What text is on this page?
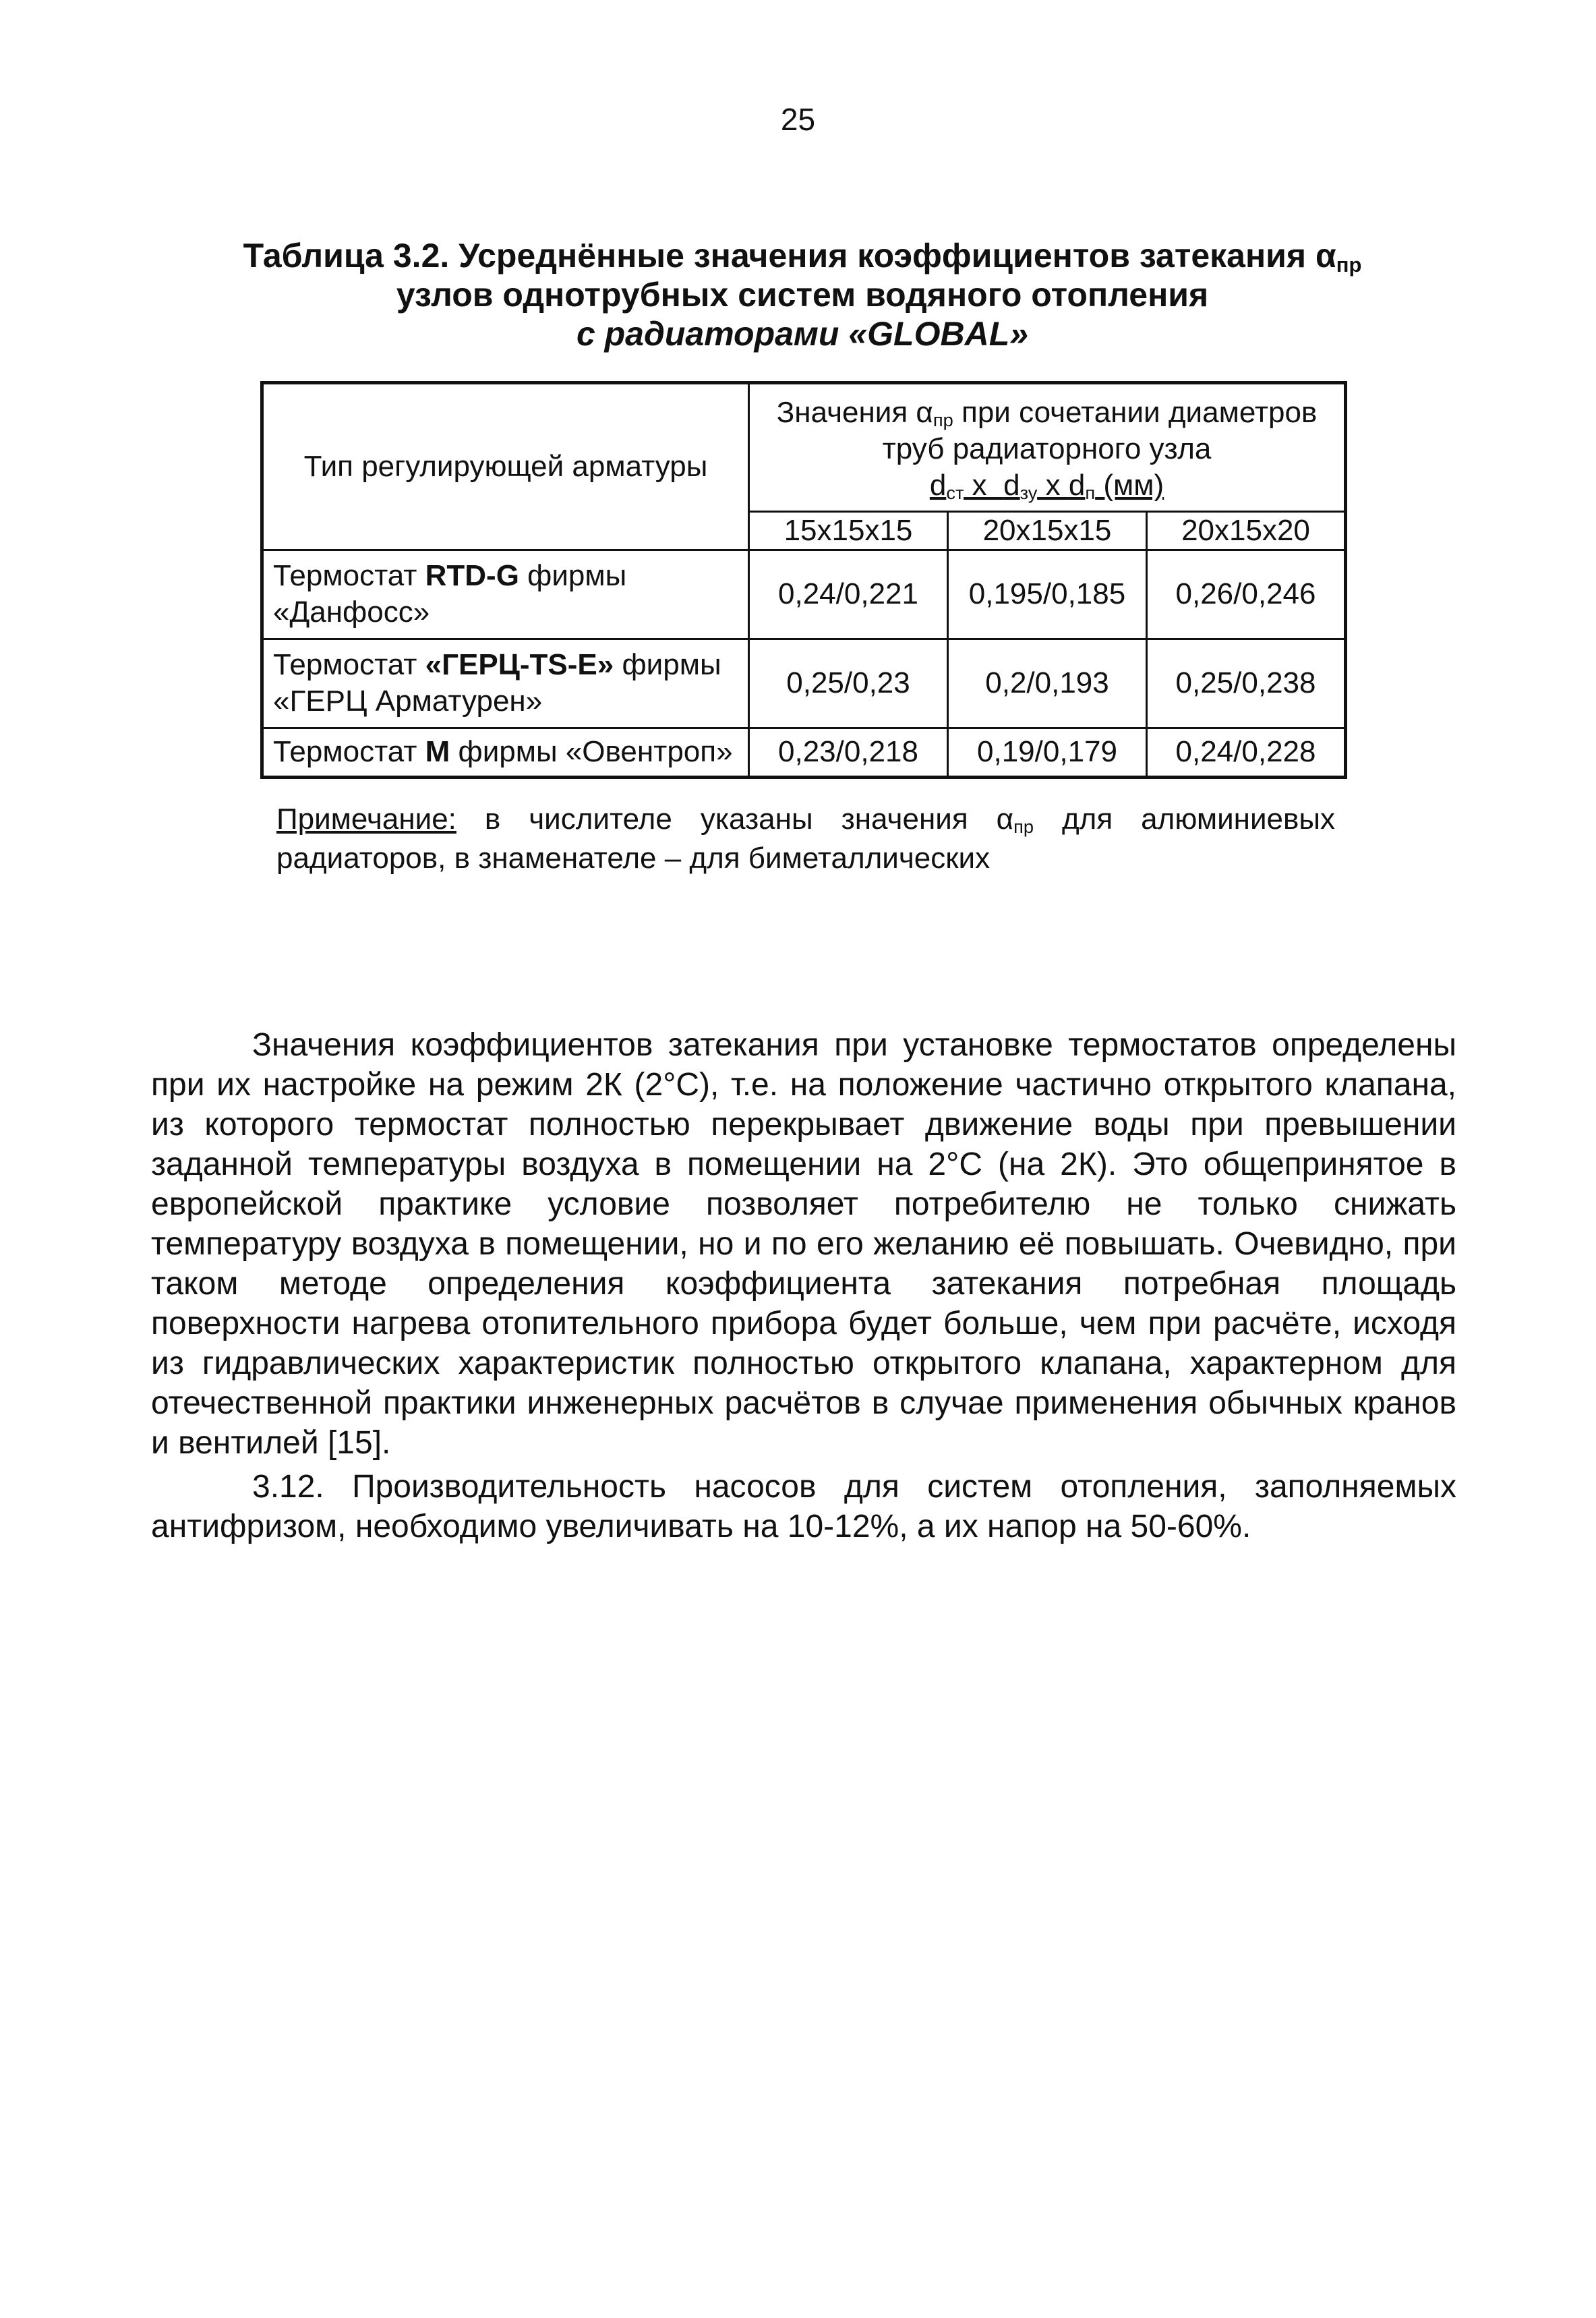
25
Таблица 3.2. Усреднённые значения коэффициентов затекания $\alpha_{пр}$
узлов однотрубных систем водяного отопления
с радиаторами «GLOBAL»
Тип регулирующей арматуры	Значения $\alpha_{пр}$ при сочетании диаметров труб радиаторного узла
$d_{ст}$ x  $d_{зу}$ x $d_п$ (мм)		
	15x15x15	20x15x15	20x15x20
Термостат RTD-G фирмы «Данфосс»	0,24/0,221	0,195/0,185	0,26/0,246
Термостат «ГЕРЦ-TS-E» фирмы «ГЕРЦ Арматурен»	0,25/0,23	0,2/0,193	0,25/0,238
Термостат М фирмы «Овентроп»	0,23/0,218	0,19/0,179	0,24/0,228
Примечание: в числителе указаны значения $\alpha_{пр}$ для алюминиевых радиаторов, в знаменателе – для биметаллических

Значения коэффициентов затекания при установке термостатов определены при их настройке на режим 2К (2°С), т.е. на положение частично открытого клапана, из которого термостат полностью перекрывает движение воды при превышении заданной температуры воздуха в помещении на 2°С (на 2К). Это общепринятое в европейской практике условие позволяет потребителю не только снижать температуру воздуха в помещении, но и по его желанию её повышать. Очевидно, при таком методе определения коэффициента затекания потребная площадь поверхности нагрева отопительного прибора будет больше, чем при расчёте, исходя из гидравлических характеристик полностью открытого клапана, характерном для отечественной практики инженерных расчётов в случае применения обычных кранов и вентилей [15].

3.12. Производительность насосов для систем отопления, заполняемых антифризом, необходимо увеличивать на 10-12%, а их напор на 50-60%.
